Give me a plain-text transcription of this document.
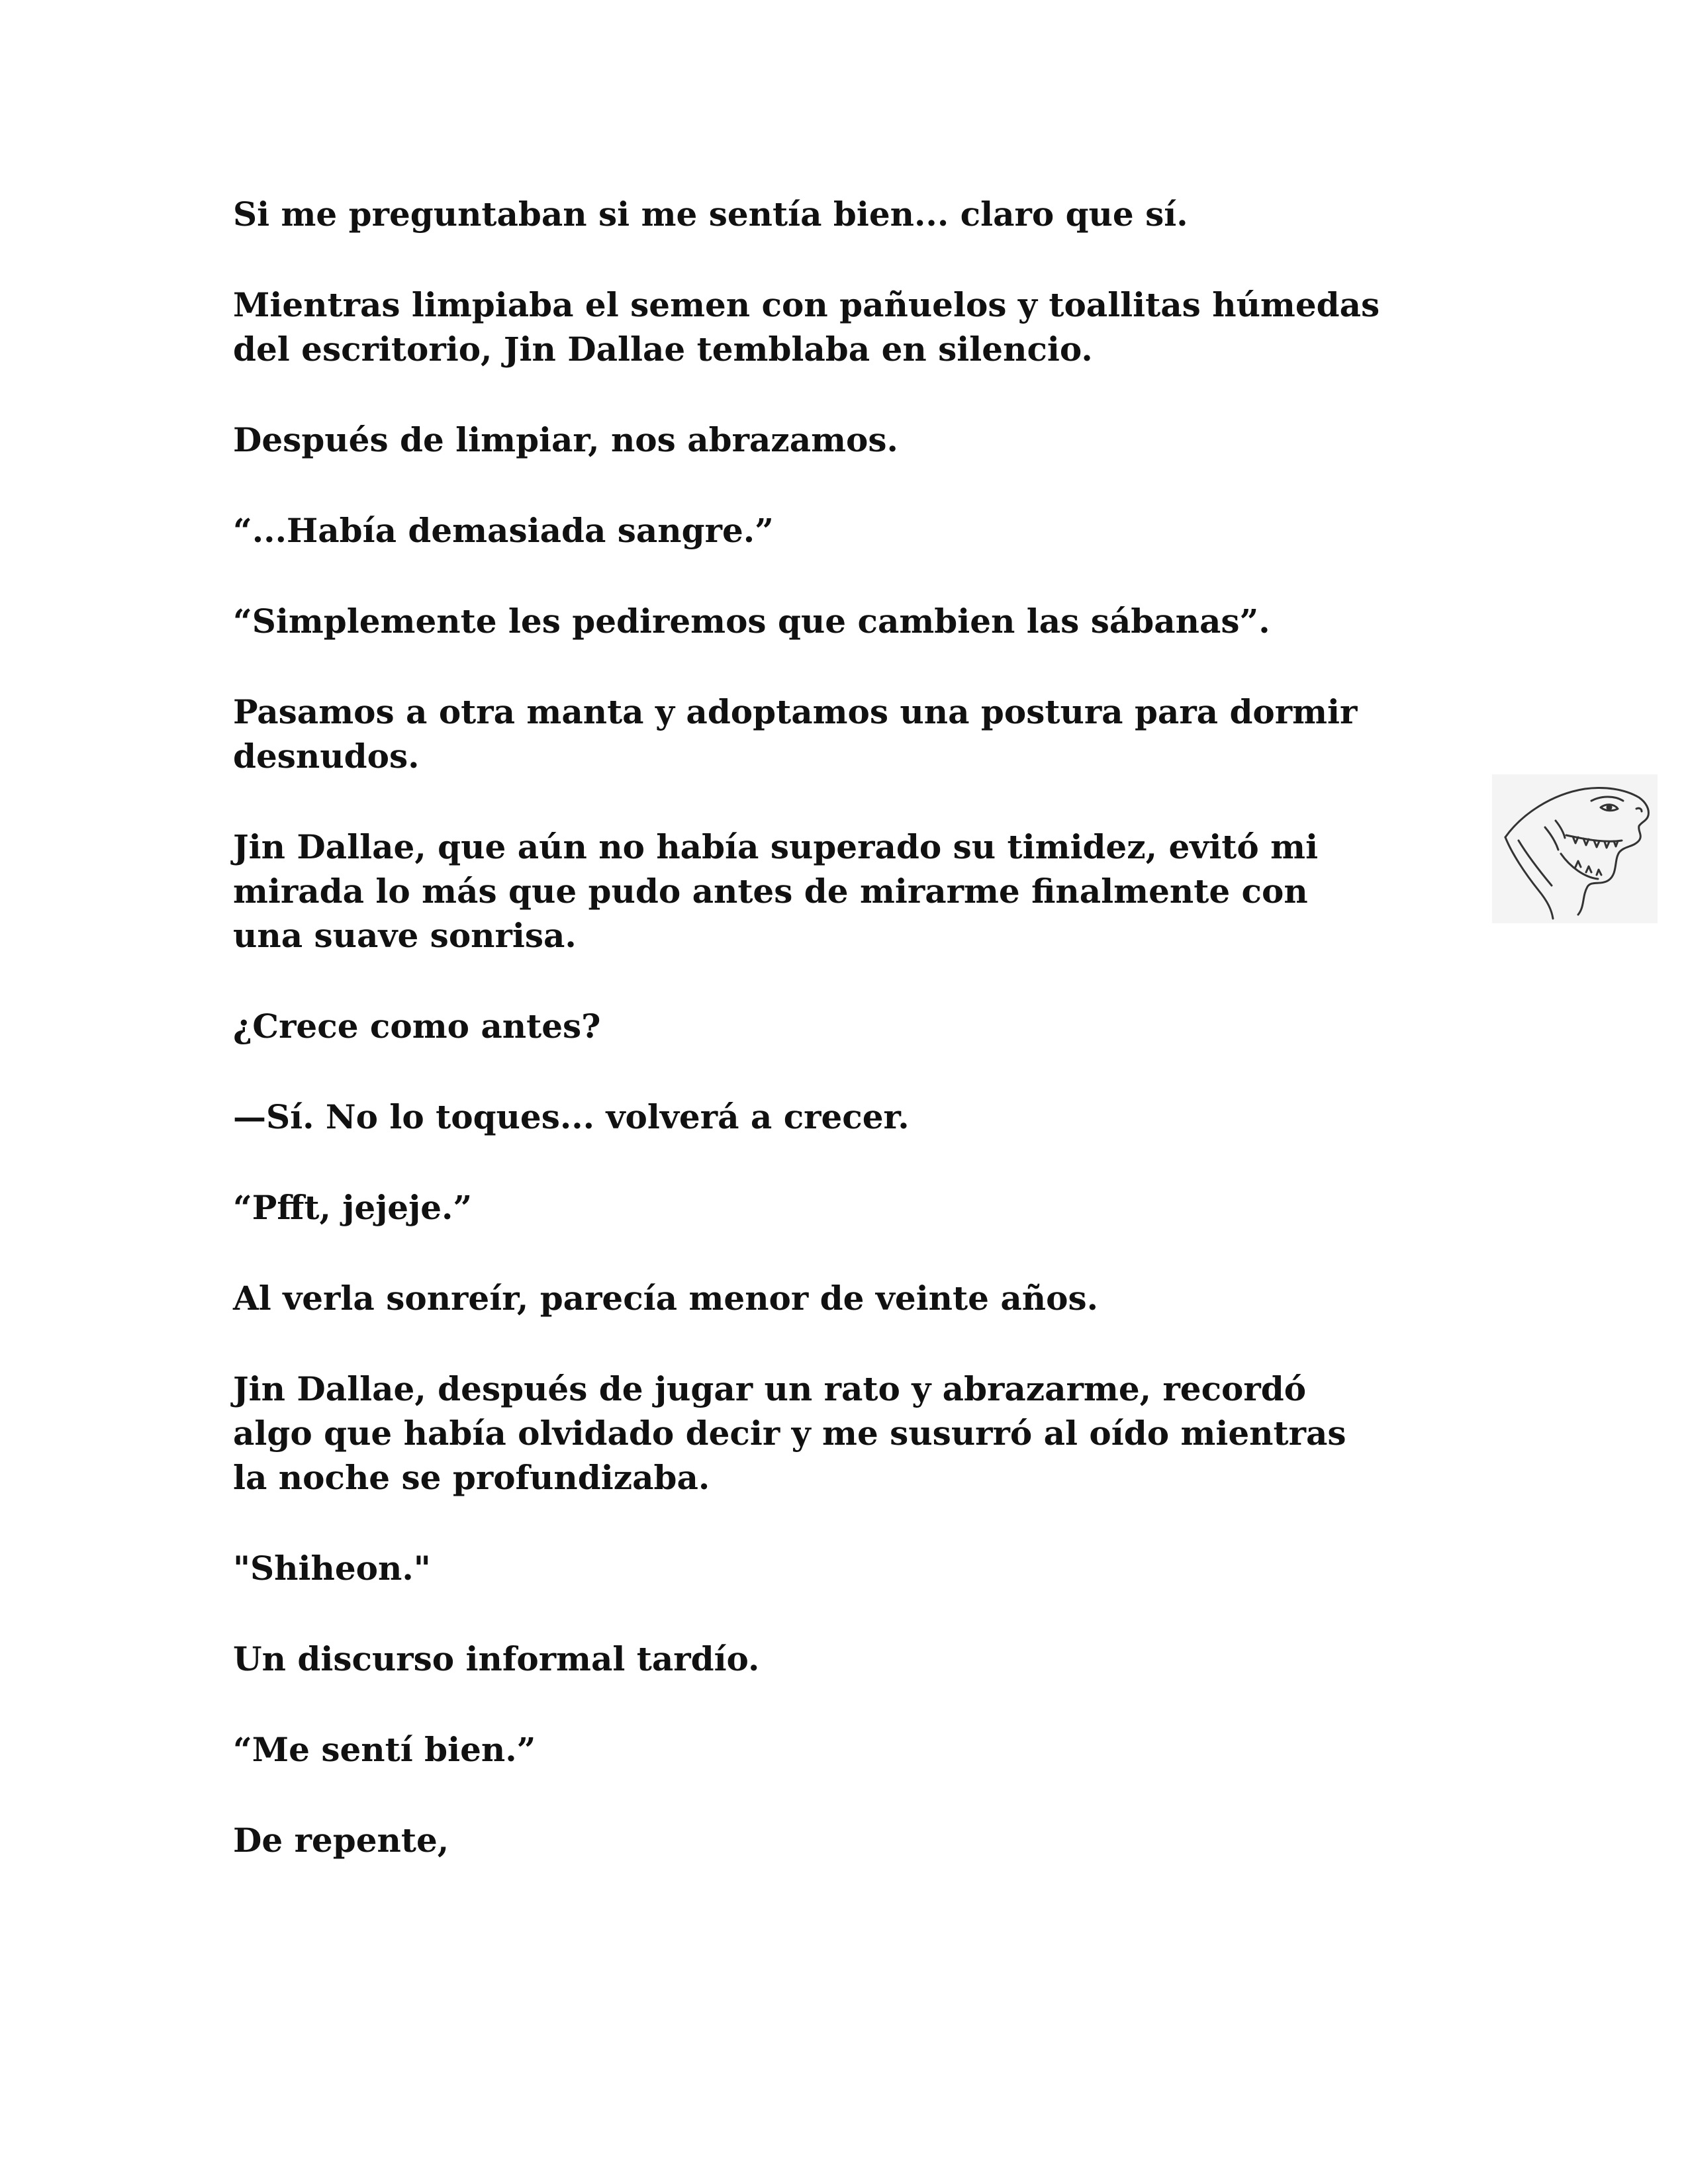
Si me preguntaban si me sentía bien... claro que sí.

Mientras limpiaba el semen con pañuelos y toallitas húmedas
del escritorio, Jin Dallae temblaba en silencio.

Después de limpiar, nos abrazamos.

“...Había demasiada sangre.”

“Simplemente les pediremos que cambien las sábanas”.

Pasamos a otra manta y adoptamos una postura para dormir
desnudos.

Jin Dallae, que aún no había superado su timidez, evitó mi
mirada lo más que pudo antes de mirarme finalmente con
una suave sonrisa.

¿Crece como antes?

—Sí. No lo toques... volverá a crecer.

“Pfft, jejeje.”

Al verla sonreír, parecía menor de veinte años.

Jin Dallae, después de jugar un rato y abrazarme, recordó
algo que había olvidado decir y me susurró al oído mientras
la noche se profundizaba.

"Shiheon."

Un discurso informal tardío.

“Me sentí bien.”

De repente,
